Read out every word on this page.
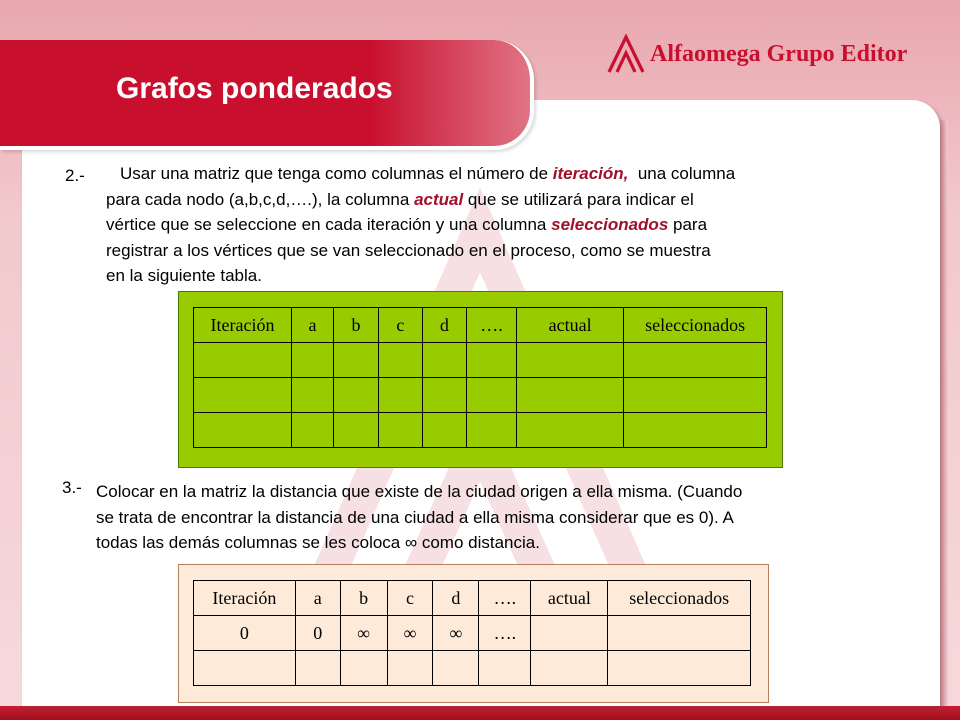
Grafos ponderados
Alfaomega Grupo Editor
2.-	Usar una matriz que tenga como columnas el número de iteración,  una columna
para cada nodo (a,b,c,d,….), la columna actual que se utilizará para indicar el
vértice que se seleccione en cada iteración y una columna seleccionados para
registrar a los vértices que se van seleccionado en el proceso, como se muestra
en la siguiente tabla.
Iteración	a	b	c	d	….	actual	seleccionados

3.- Colocar en la matriz la distancia que existe de la ciudad origen a ella misma. (Cuando
se trata de encontrar la distancia de una ciudad a ella misma considerar que es 0). A
todas las demás columnas se les coloca ∞ como distancia.
Iteración	a	b	c	d	….	actual	seleccionados
0	0	∞	∞	∞	….		
